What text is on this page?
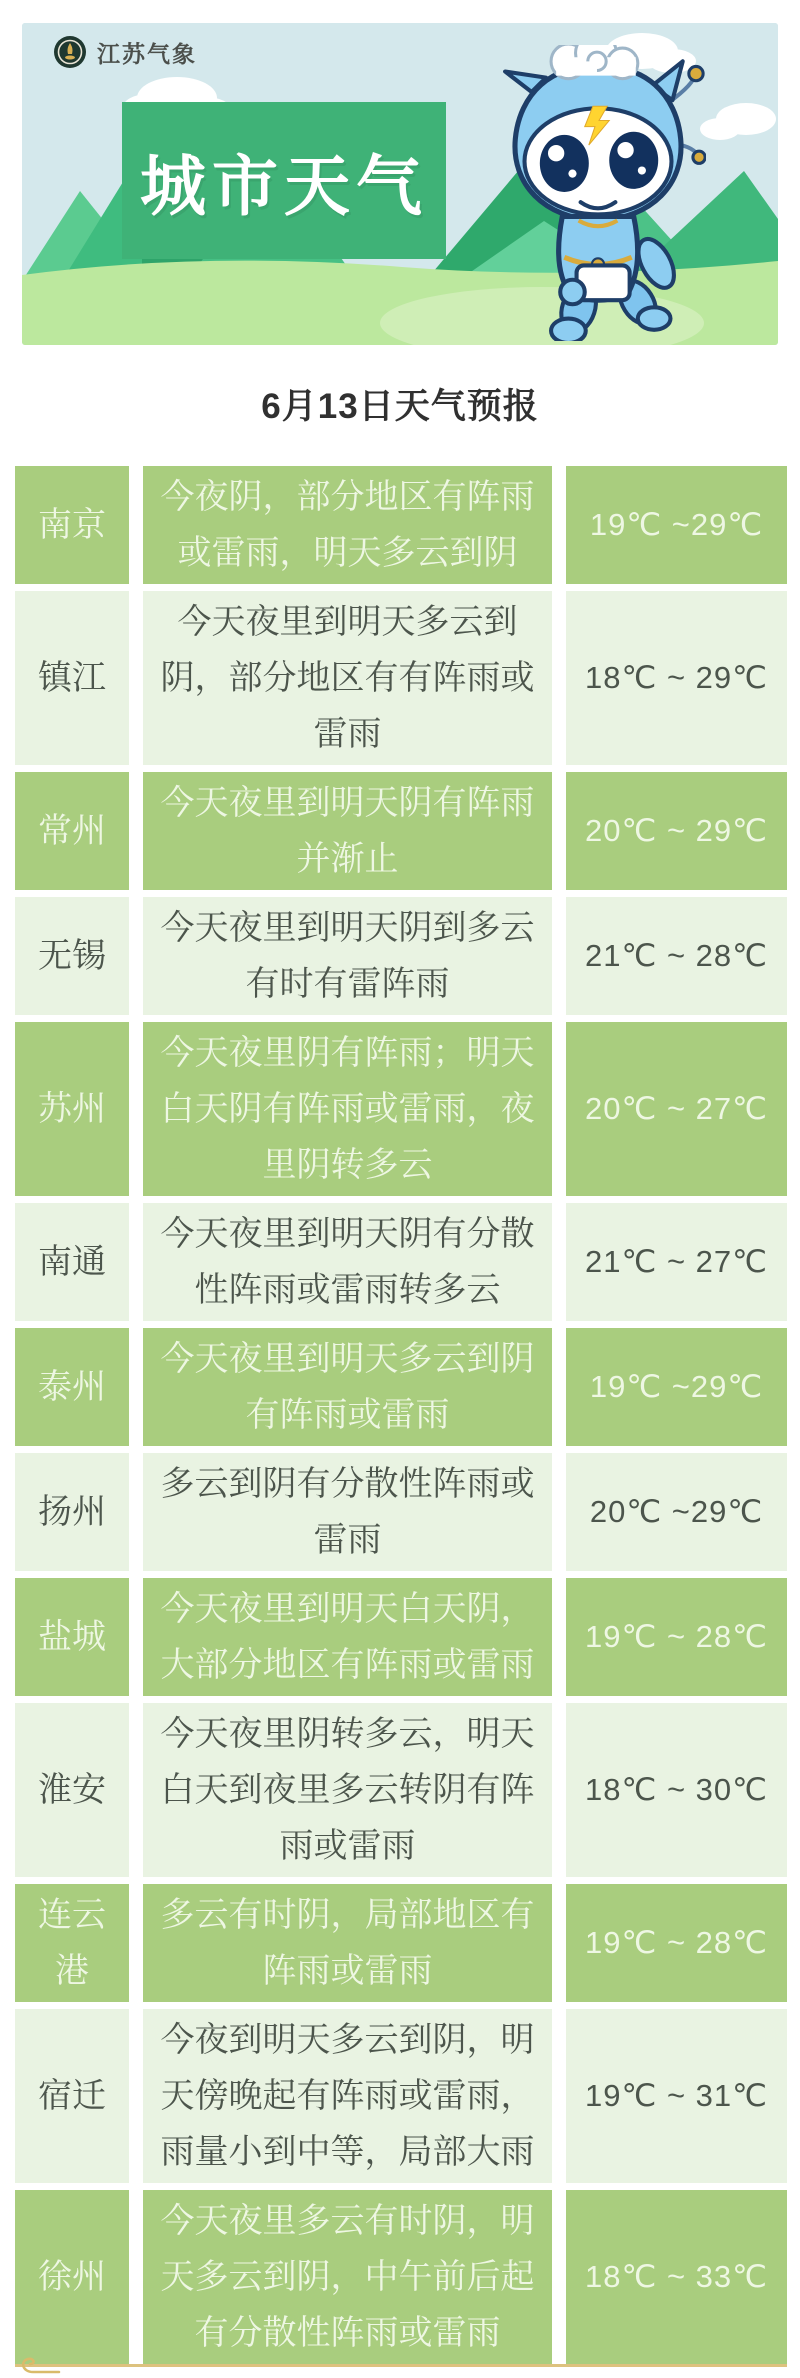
江苏气象
城市天气
6月13日天气预报
南京
今夜阴，部分地区有阵雨或雷雨，明天多云到阴
19℃ ~29℃
镇江
今天夜里到明天多云到阴，部分地区有有阵雨或雷雨
18℃ ~ 29℃
常州
今天夜里到明天阴有阵雨并渐止
20℃ ~ 29℃
无锡
今天夜里到明天阴到多云有时有雷阵雨
21℃ ~ 28℃
苏州
今天夜里阴有阵雨；明天白天阴有阵雨或雷雨，夜里阴转多云
20℃ ~ 27℃
南通
今天夜里到明天阴有分散性阵雨或雷雨转多云
21℃ ~ 27℃
泰州
今天夜里到明天多云到阴有阵雨或雷雨
19℃ ~29℃
扬州
多云到阴有分散性阵雨或雷雨
20℃ ~29℃
盐城
今天夜里到明天白天阴，大部分地区有阵雨或雷雨
19℃ ~ 28℃
淮安
今天夜里阴转多云，明天白天到夜里多云转阴有阵雨或雷雨
18℃ ~ 30℃
连云港
多云有时阴，局部地区有阵雨或雷雨
19℃ ~ 28℃
宿迁
今夜到明天多云到阴，明天傍晚起有阵雨或雷雨，雨量小到中等，局部大雨
19℃ ~ 31℃
徐州
今天夜里多云有时阴，明天多云到阴，中午前后起有分散性阵雨或雷雨
18℃ ~ 33℃
